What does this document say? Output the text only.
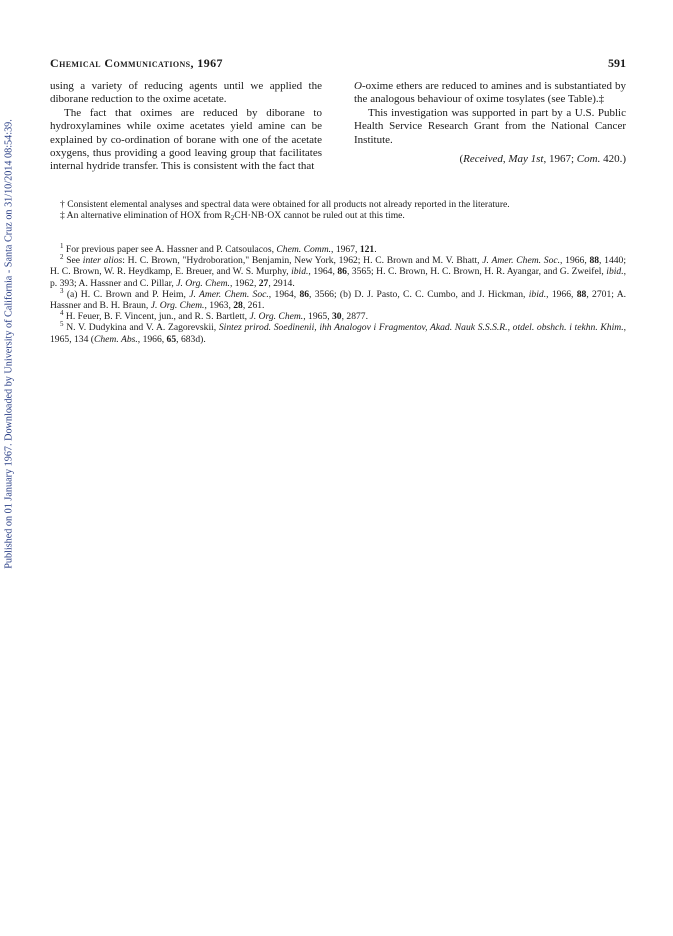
Published on 01 January 1967. Downloaded by University of California - Santa Cruz on 31/10/2014 08:54:39.
Chemical Communications, 1967	591

using a variety of reducing agents until we applied the diborane reduction to the oxime acetate.

The fact that oximes are reduced by diborane to hydroxylamines while oxime acetates yield amine can be explained by co-ordination of borane with one of the acetate oxygens, thus providing a good leaving group that facilitates internal hydride transfer. This is consistent with the fact that

O-oxime ethers are reduced to amines and is substantiated by the analogous behaviour of oxime tosylates (see Table).‡

This investigation was supported in part by a U.S. Public Health Service Research Grant from the National Cancer Institute.

(Received, May 1st, 1967; Com. 420.)

† Consistent elemental analyses and spectral data were obtained for all products not already reported in the literature.

‡ An alternative elimination of HOX from $R_2CH\cdot NB\cdot OX$ cannot be ruled out at this time.

$^1$ For previous paper see A. Hassner and P. Catsoulacos, Chem. Comm., 1967, 121.

$^2$ See inter alios: H. C. Brown, "Hydroboration," Benjamin, New York, 1962; H. C. Brown and M. V. Bhatt, J. Amer. Chem. Soc., 1966, 88, 1440; H. C. Brown, W. R. Heydkamp, E. Breuer, and W. S. Murphy, ibid., 1964, 86, 3565; H. C. Brown, H. C. Brown, H. R. Ayangar, and G. Zweifel, ibid., p. 393; A. Hassner and C. Pillar, J. Org. Chem., 1962, 27, 2914.

$^3$ (a) H. C. Brown and P. Heim, J. Amer. Chem. Soc., 1964, 86, 3566; (b) D. J. Pasto, C. C. Cumbo, and J. Hickman, ibid., 1966, 88, 2701; A. Hassner and B. H. Braun, J. Org. Chem., 1963, 28, 261.

$^4$ H. Feuer, B. F. Vincent, jun., and R. S. Bartlett, J. Org. Chem., 1965, 30, 2877.

$^5$ N. V. Dudykina and V. A. Zagorevskii, Sintez prirod. Soedinenii, ihh Analogov i Fragmentov, Akad. Nauk S.S.S.R., otdel. obshch. i tekhn. Khim., 1965, 134 (Chem. Abs., 1966, 65, 683d).
